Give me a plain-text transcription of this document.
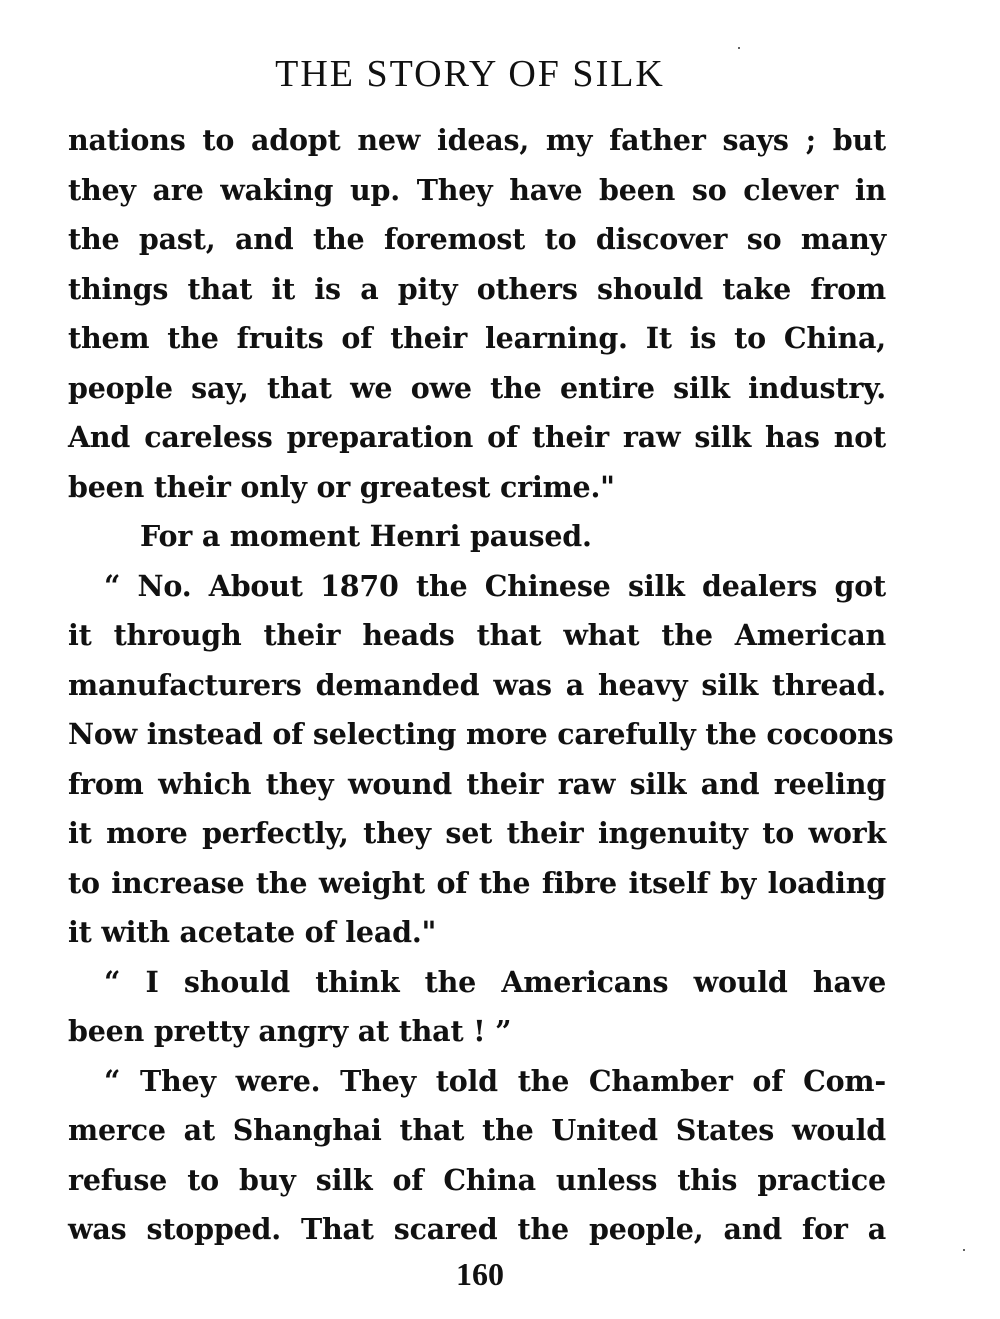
THE STORY OF SILK

nations to adopt new ideas, my father says ; but
they are waking up. They have been so clever in
the past, and the foremost to discover so many
things that it is a pity others should take from
them the fruits of their learning. It is to China,
people say, that we owe the entire silk industry.
And careless preparation of their raw silk has not
been their only or greatest crime."

For a moment Henri paused.

“ No. About 1870 the Chinese silk dealers got
it through their heads that what the American
manufacturers demanded was a heavy silk thread.
Now instead of selecting more carefully the cocoons
from which they wound their raw silk and reeling
it more perfectly, they set their ingenuity to work
to increase the weight of the fibre itself by loading
it with acetate of lead."

“ I should think the Americans would have
been pretty angry at that ! ”

“ They were. They told the Chamber of Com-
merce at Shanghai that the United States would
refuse to buy silk of China unless this practice
was stopped. That scared the people, and for a

160
